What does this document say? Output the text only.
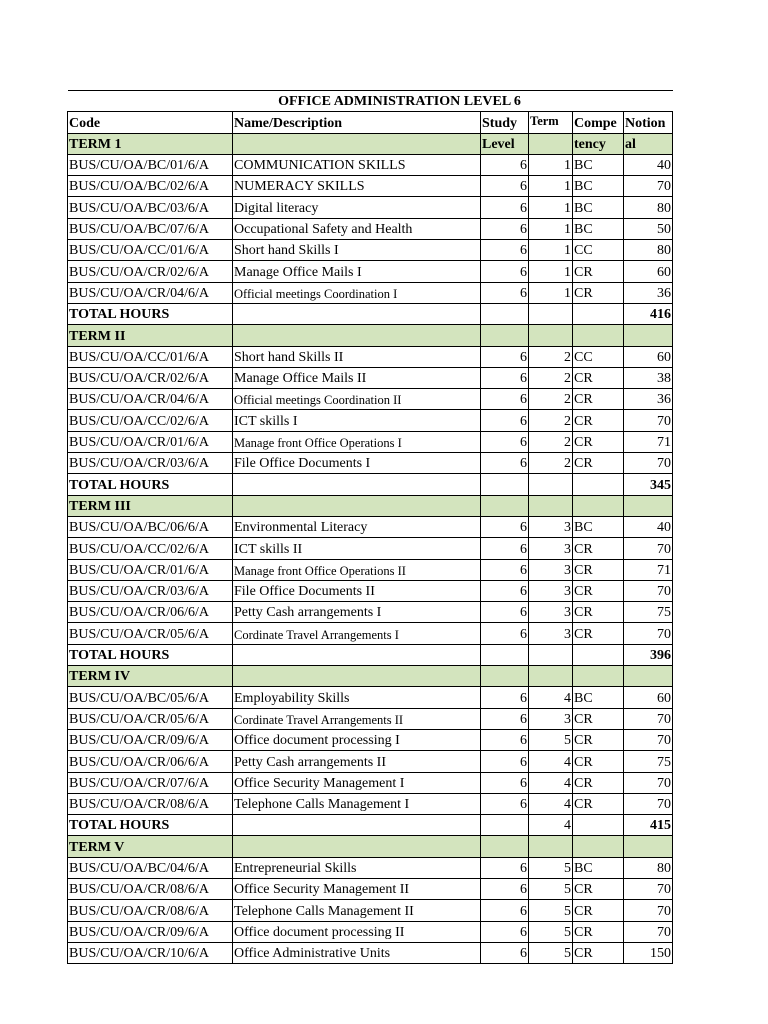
OFFICE ADMINISTRATION LEVEL 6					
Code	Name/Description	Study	Term	Compe	Notion
TERM 1		Level		tency	al
BUS/CU/OA/BC/01/6/A	COMMUNICATION SKILLS	6	1	BC	40
BUS/CU/OA/BC/02/6/A	NUMERACY SKILLS	6	1	BC	70
BUS/CU/OA/BC/03/6/A	Digital literacy	6	1	BC	80
BUS/CU/OA/BC/07/6/A	Occupational Safety and Health	6	1	BC	50
BUS/CU/OA/CC/01/6/A	Short hand Skills I	6	1	CC	80
BUS/CU/OA/CR/02/6/A	Manage Office Mails I	6	1	CR	60
BUS/CU/OA/CR/04/6/A	Official meetings Coordination I	6	1	CR	36
TOTAL HOURS					416
TERM II					
BUS/CU/OA/CC/01/6/A	Short hand Skills II	6	2	CC	60
BUS/CU/OA/CR/02/6/A	Manage Office Mails II	6	2	CR	38
BUS/CU/OA/CR/04/6/A	Official meetings Coordination II	6	2	CR	36
BUS/CU/OA/CC/02/6/A	ICT skills I	6	2	CR	70
BUS/CU/OA/CR/01/6/A	Manage front Office Operations I	6	2	CR	71
BUS/CU/OA/CR/03/6/A	File Office Documents I	6	2	CR	70
TOTAL HOURS					345
TERM III					
BUS/CU/OA/BC/06/6/A	Environmental Literacy	6	3	BC	40
BUS/CU/OA/CC/02/6/A	ICT skills II	6	3	CR	70
BUS/CU/OA/CR/01/6/A	Manage front Office Operations II	6	3	CR	71
BUS/CU/OA/CR/03/6/A	File Office Documents II	6	3	CR	70
BUS/CU/OA/CR/06/6/A	Petty Cash arrangements I	6	3	CR	75
BUS/CU/OA/CR/05/6/A	Cordinate Travel Arrangements I	6	3	CR	70
TOTAL HOURS					396
TERM IV					
BUS/CU/OA/BC/05/6/A	Employability Skills	6	4	BC	60
BUS/CU/OA/CR/05/6/A	Cordinate Travel Arrangements II	6	3	CR	70
BUS/CU/OA/CR/09/6/A	Office document processing I	6	5	CR	70
BUS/CU/OA/CR/06/6/A	Petty Cash arrangements II	6	4	CR	75
BUS/CU/OA/CR/07/6/A	Office Security Management I	6	4	CR	70
BUS/CU/OA/CR/08/6/A	Telephone Calls Management I	6	4	CR	70
TOTAL HOURS			4		415
TERM V					
BUS/CU/OA/BC/04/6/A	Entrepreneurial Skills	6	5	BC	80
BUS/CU/OA/CR/08/6/A	Office Security Management II	6	5	CR	70
BUS/CU/OA/CR/08/6/A	Telephone Calls Management II	6	5	CR	70
BUS/CU/OA/CR/09/6/A	Office document processing II	6	5	CR	70
BUS/CU/OA/CR/10/6/A	Office Administrative Units	6	5	CR	150
